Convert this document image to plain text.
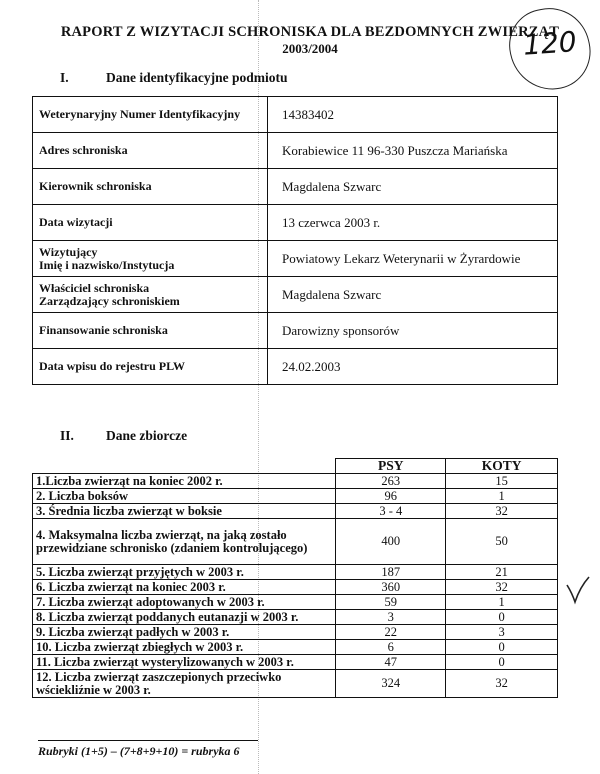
RAPORT Z WIZYTACJI SCHRONISKA DLA BEZDOMNYCH ZWIERZĄT
2003/2004	120
I.	Dane identyfikacyjne podmiotu
Weterynaryjny Numer Identyfikacyjny	14383402
Adres schroniska	Korabiewice 11 96-330 Puszcza Mariańska
Kierownik schroniska	Magdalena Szwarc
Data wizytacji	13 czerwca 2003 r.
Wizytujący
Imię i nazwisko/Instytucja	Powiatowy Lekarz Weterynarii w Żyrardowie
Właściciel schroniska
Zarządzający schroniskiem	Magdalena Szwarc
Finansowanie schroniska	Darowizny sponsorów
Data wpisu do rejestru PLW	24.02.2003
II. Dane zbiorcze
	PSY	KOTY
1.Liczba zwierząt na koniec 2002 r.	263	15
2. Liczba boksów	96	1
3. Średnia liczba zwierząt w boksie	3 - 4	32
4. Maksymalna liczba zwierząt, na jaką zostało przewidziane schronisko (zdaniem kontrolującego)	400	50
5. Liczba zwierząt przyjętych w 2003 r.	187	21
6. Liczba zwierząt na koniec 2003 r.	360	32
7. Liczba zwierząt adoptowanych w 2003 r.	59	1
8. Liczba zwierząt poddanych eutanazji w 2003 r.	3	0
9. Liczba zwierząt padłych w 2003 r.	22	3
10. Liczba zwierząt zbiegłych w 2003 r.	6	0
11. Liczba zwierząt wysterylizowanych w 2003 r.	47	0
12. Liczba zwierząt zaszczepionych przeciwko wściekliźnie w 2003 r.	324	32
Rubryki (1+5) – (7+8+9+10) = rubryka 6
